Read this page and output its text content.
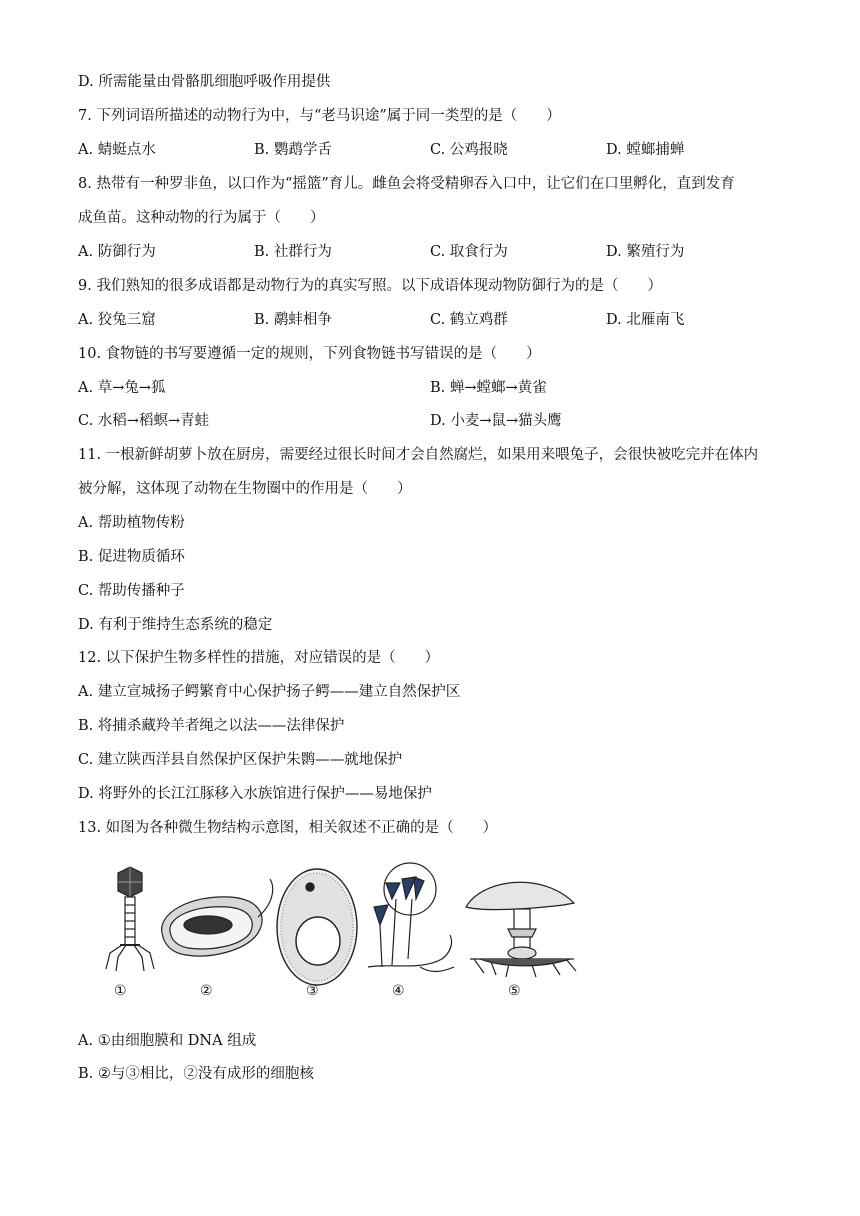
D. 所需能量由骨骼肌细胞呼吸作用提供
7. 下列词语所描述的动物行为中，与“老马识途”属于同一类型的是（　　）
A. 蜻蜓点水	B. 鹦鹉学舌	C. 公鸡报晓	D. 螳螂捕蝉
8. 热带有一种罗非鱼，以口作为“摇篮”育儿。雌鱼会将受精卵吞入口中，让它们在口里孵化，直到发育
成鱼苗。这种动物的行为属于（　　）
A. 防御行为	B. 社群行为	C. 取食行为	D. 繁殖行为
9. 我们熟知的很多成语都是动物行为的真实写照。以下成语体现动物防御行为的是（　　）
A. 狡兔三窟	B. 鹬蚌相争	C. 鹤立鸡群	D. 北雁南飞
10. 食物链的书写要遵循一定的规则，下列食物链书写错误的是（　　）
A. 草→兔→狐	B. 蝉→螳螂→黄雀
C. 水稻→稻螟→青蛙	D. 小麦→鼠→猫头鹰
11. 一根新鲜胡萝卜放在厨房，需要经过很长时间才会自然腐烂，如果用来喂兔子，会很快被吃完并在体内
被分解，这体现了动物在生物圈中的作用是（　　）
A. 帮助植物传粉
B. 促进物质循环
C. 帮助传播种子
D. 有利于维持生态系统的稳定
12. 以下保护生物多样性的措施，对应错误的是（　　）
A. 建立宣城扬子鳄繁育中心保护扬子鳄——建立自然保护区
B. 将捕杀藏羚羊者绳之以法——法律保护
C. 建立陕西洋县自然保护区保护朱鹮——就地保护
D. 将野外的长江江豚移入水族馆进行保护——易地保护
13. 如图为各种微生物结构示意图，相关叙述不正确的是（　　）
①	②	③	④	⑤
A. ①由细胞膜和 DNA 组成
B. ②与③相比，②没有成形的细胞核
